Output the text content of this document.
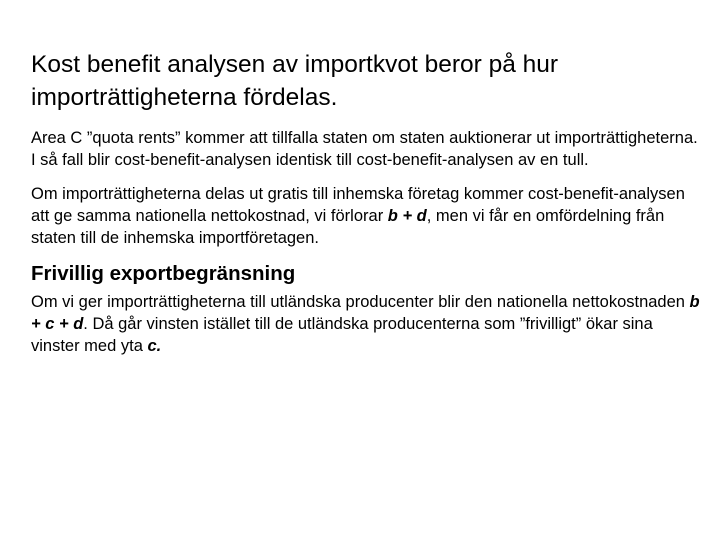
Kost benefit analysen av importkvot beror på hur
importrättigheterna fördelas.

Area C ”quota rents” kommer att tillfalla staten om staten auktionerar ut importrättigheterna. I så fall blir cost-benefit-analysen identisk till cost-benefit-analysen av en tull.

Om importrättigheterna delas ut gratis till inhemska företag kommer cost-benefit-analysen att ge samma nationella nettokostnad, vi förlorar b + d, men vi får en omfördelning från staten till de inhemska importföretagen.

Frivillig exportbegränsning

Om vi ger importrättigheterna till utländska producenter blir den nationella nettokostnaden b + c + d. Då går vinsten istället till de utländska producenterna som ”frivilligt” ökar sina vinster med yta c.
